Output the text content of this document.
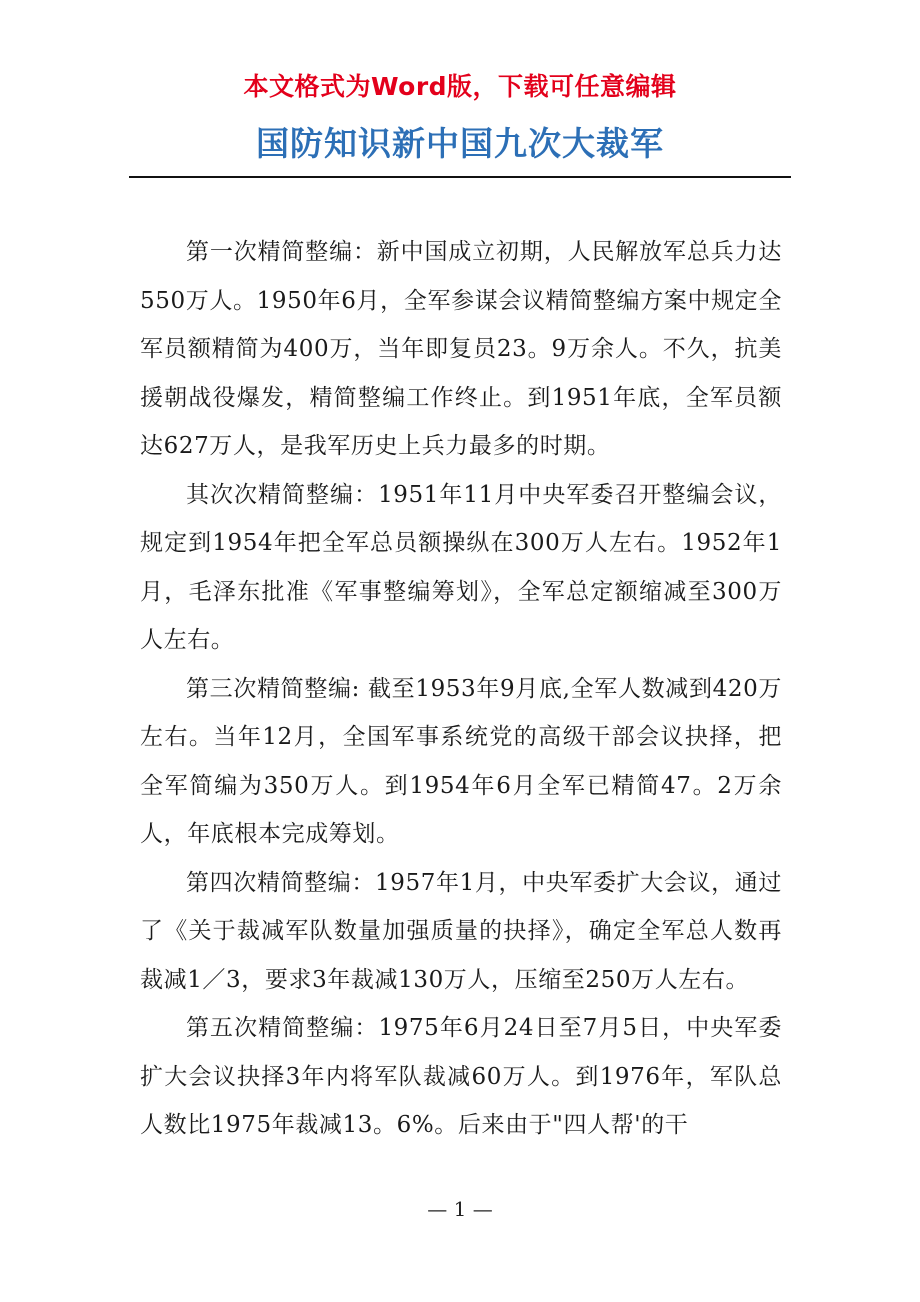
本文格式为Word版，下载可任意编辑
国防知识新中国九次大裁军

第一次精简整编：新中国成立初期，人民解放军总兵力达550万人。1950年6月，全军参谋会议精简整编方案中规定全军员额精简为400万，当年即复员23。9万余人。不久，抗美援朝战役爆发，精简整编工作终止。到1951年底，全军员额达627万人，是我军历史上兵力最多的时期。

其次次精简整编：1951年11月中央军委召开整编会议，规定到1954年把全军总员额操纵在300万人左右。1952年1月，毛泽东批准《军事整编筹划》，全军总定额缩减至300万人左右。

第三次精简整编: 截至1953年9月底,全军人数减到420万左右。当年12月，全国军事系统党的高级干部会议抉择，把全军简编为350万人。到1954年6月全军已精简47。2万余人，年底根本完成筹划。

第四次精简整编：1957年1月，中央军委扩大会议，通过了《关于裁减军队数量加强质量的抉择》，确定全军总人数再裁减1／3，要求3年裁减130万人，压缩至250万人左右。

第五次精简整编：1975年6月24日至7月5日，中央军委扩大会议抉择3年内将军队裁减60万人。到1976年，军队总人数比1975年裁减13。6%。后来由于"四人帮'的干

— 1 —
